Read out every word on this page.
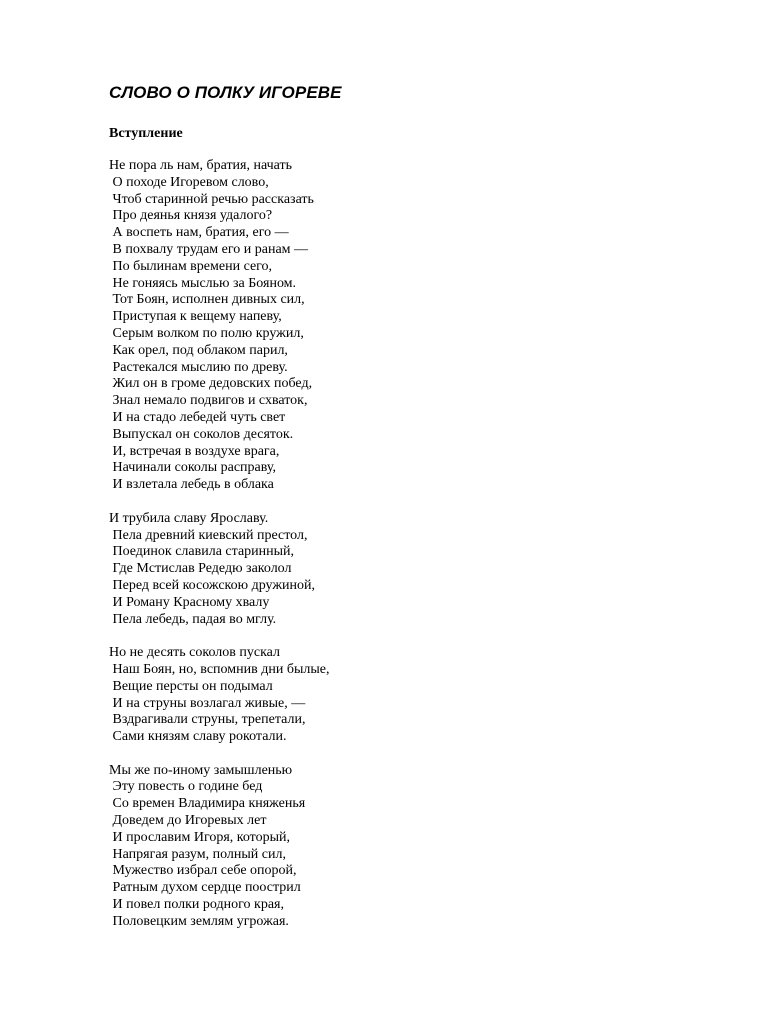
СЛОВО О ПОЛКУ ИГОРЕВЕ
Вступление
Не пора ль нам, братия, начать
О походе Игоревом слово,
Чтоб старинной речью рассказать
Про деянья князя удалого?
А воспеть нам, братия, его —
В похвалу трудам его и ранам —
По былинам времени сего,
Не гоняясь мыслью за Бояном.
Тот Боян, исполнен дивных сил,
Приступая к вещему напеву,
Серым волком по полю кружил,
Как орел, под облаком парил,
Растекался мыслию по древу.
Жил он в громе дедовских побед,
Знал немало подвигов и схваток,
И на стадо лебедей чуть свет
Выпускал он соколов десяток.
И, встречая в воздухе врага,
Начинали соколы расправу,
И взлетала лебедь в облака
И трубила славу Ярославу.
Пела древний киевский престол,
Поединок славила старинный,
Где Мстислав Редедю заколол
Перед всей косожскою дружиной,
И Роману Красному хвалу
Пела лебедь, падая во мглу.
Но не десять соколов пускал
Наш Боян, но, вспомнив дни былые,
Вещие персты он подымал
И на струны возлагал живые, —
Вздрагивали струны, трепетали,
Сами князям славу рокотали.
Мы же по-иному замышленью
Эту повесть о године бед
Со времен Владимира княженья
Доведем до Игоревых лет
И прославим Игоря, который,
Напрягая разум, полный сил,
Мужество избрал себе опорой,
Ратным духом сердце поострил
И повел полки родного края,
Половецким землям угрожая.
